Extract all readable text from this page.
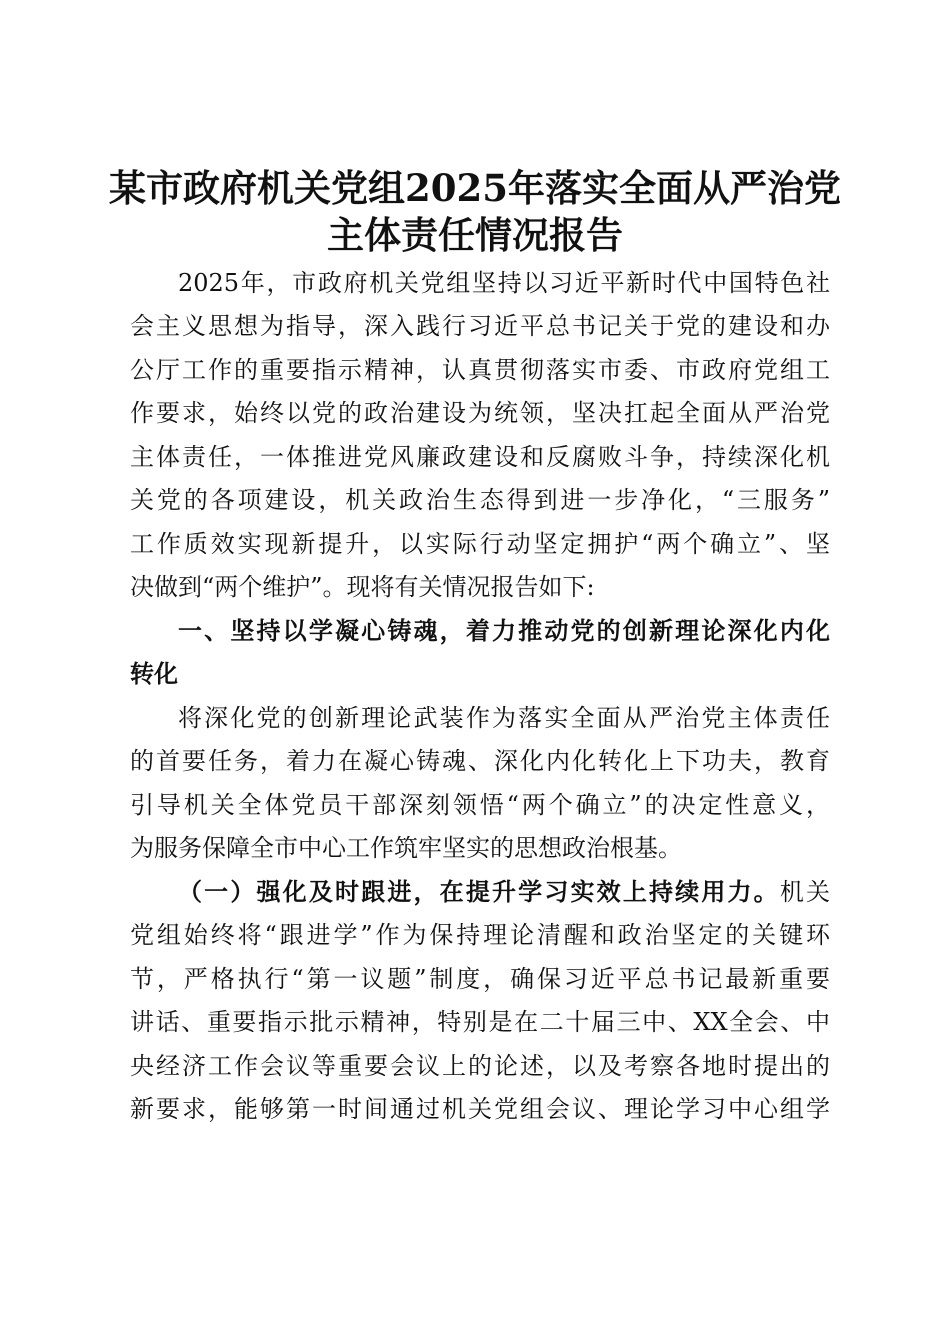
某市政府机关党组2025年落实全面从严治党
主体责任情况报告
2025年，市政府机关党组坚持以习近平新时代中国特色社
会主义思想为指导，深入践行习近平总书记关于党的建设和办
公厅工作的重要指示精神，认真贯彻落实市委、市政府党组工
作要求，始终以党的政治建设为统领，坚决扛起全面从严治党
主体责任，一体推进党风廉政建设和反腐败斗争，持续深化机
关党的各项建设，机关政治生态得到进一步净化，“三服务”
工作质效实现新提升，以实际行动坚定拥护“两个确立”、坚
决做到“两个维护”。现将有关情况报告如下:
一、坚持以学凝心铸魂，着力推动党的创新理论深化内化
转化
将深化党的创新理论武装作为落实全面从严治党主体责任
的首要任务，着力在凝心铸魂、深化内化转化上下功夫，教育
引导机关全体党员干部深刻领悟“两个确立”的决定性意义，
为服务保障全市中心工作筑牢坚实的思想政治根基。
（一）强化及时跟进，在提升学习实效上持续用力。机关
党组始终将“跟进学”作为保持理论清醒和政治坚定的关键环
节，严格执行“第一议题”制度，确保习近平总书记最新重要
讲话、重要指示批示精神，特别是在二十届三中、XX全会、中
央经济工作会议等重要会议上的论述，以及考察各地时提出的
新要求，能够第一时间通过机关党组会议、理论学习中心组学
